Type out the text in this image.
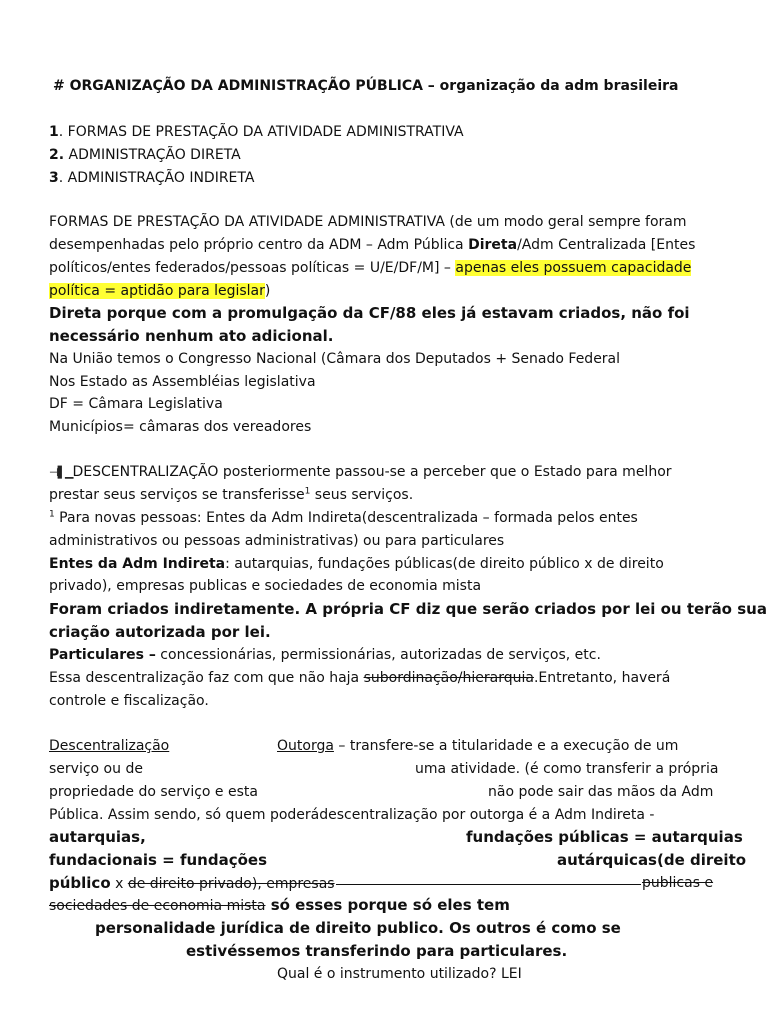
# ORGANIZAÇÃO DA ADMINISTRAÇÃO PÚBLICA – organização da adm brasileira
1. FORMAS DE PRESTAÇÃO DA ATIVIDADE ADMINISTRATIVA
2. ADMINISTRAÇÃO DIRETA
3. ADMINISTRAÇÃO INDIRETA
FORMAS DE PRESTAÇÃO DA ATIVIDADE ADMINISTRATIVA (de um modo geral sempre foram
desempenhadas pelo próprio centro da ADM – Adm Pública Direta/Adm Centralizada [Entes
políticos/entes federados/pessoas políticas = U/E/DF/M] – apenas eles possuem capacidade
política = aptidão para legislar)
Direta porque com a promulgação da CF/88 eles já estavam criados, não foi
necessário nenhum ato adicional.
Na União temos o Congresso Nacional (Câmara dos Deputados + Senado Federal
Nos Estado as Assembléias legislativa
DF = Câmara Legislativa
Municípios= câmaras dos vereadores
⊣▌▁DESCENTRALIZAÇÃO posteriormente passou-se a perceber que o Estado para melhor
prestar seus serviços se transferisse$^1$ seus serviços.
$^1$ Para novas pessoas: Entes da Adm Indireta(descentralizada – formada pelos entes
administrativos ou pessoas administrativas) ou para particulares
Entes da Adm Indireta: autarquias, fundações públicas(de direito público x de direito
privado), empresas publicas e sociedades de economia mista
Foram criados indiretamente. A própria CF diz que serão criados por lei ou terão sua
criação autorizada por lei.
Particulares – concessionárias, permissionárias, autorizadas de serviços, etc.
Essa descentralização faz com que não haja subordinação/hierarquia.Entretanto, haverá
controle e fiscalização.
Descentralização	Outorga – transfere-se a titularidade e a execução de um
serviço ou de	uma atividade. (é como transferir a própria
propriedade do serviço e esta	não pode sair das mãos da Adm
Pública. Assim sendo, só quem poderádescentralização por outorga é a Adm Indireta -
autarquias,	fundações públicas = autarquias
fundacionais = fundações	autárquicas(de direito
público x de direito privado), empresas	publicas e
sociedades de economia mista só esses porque só eles tem
personalidade jurídica de direito publico. Os outros é como se
estivéssemos transferindo para particulares.
Qual é o instrumento utilizado? LEI
